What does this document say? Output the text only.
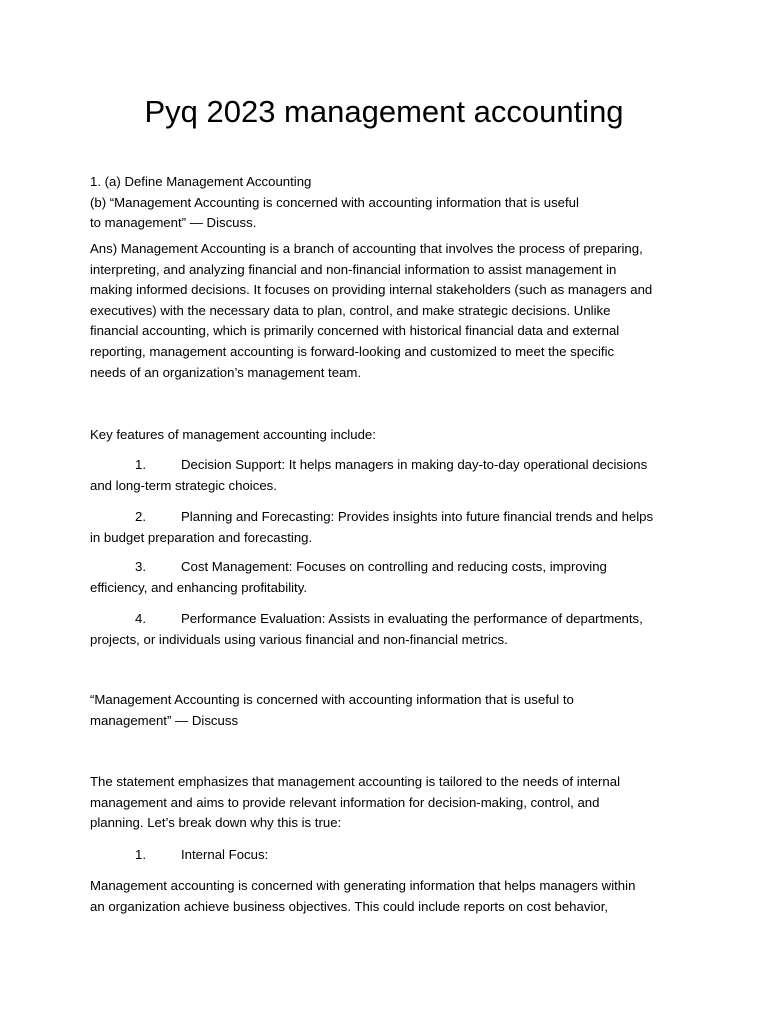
Pyq 2023 management accounting

1. (a) Define Management Accounting

(b) “Management Accounting is concerned with accounting information that is useful

to management” — Discuss.

Ans) Management Accounting is a branch of accounting that involves the process of preparing,

interpreting, and analyzing financial and non-financial information to assist management in

making informed decisions. It focuses on providing internal stakeholders (such as managers and

executives) with the necessary data to plan, control, and make strategic decisions. Unlike

financial accounting, which is primarily concerned with historical financial data and external

reporting, management accounting is forward-looking and customized to meet the specific

needs of an organization’s management team.

Key features of management accounting include:

1.	Decision Support: It helps managers in making day-to-day operational decisions

and long-term strategic choices.

2.	Planning and Forecasting: Provides insights into future financial trends and helps

in budget preparation and forecasting.

3.	Cost Management: Focuses on controlling and reducing costs, improving

efficiency, and enhancing profitability.

4.	Performance Evaluation: Assists in evaluating the performance of departments,

projects, or individuals using various financial and non-financial metrics.

“Management Accounting is concerned with accounting information that is useful to

management” — Discuss

The statement emphasizes that management accounting is tailored to the needs of internal

management and aims to provide relevant information for decision-making, control, and

planning. Let’s break down why this is true:

1.	Internal Focus:

Management accounting is concerned with generating information that helps managers within

an organization achieve business objectives. This could include reports on cost behavior,
